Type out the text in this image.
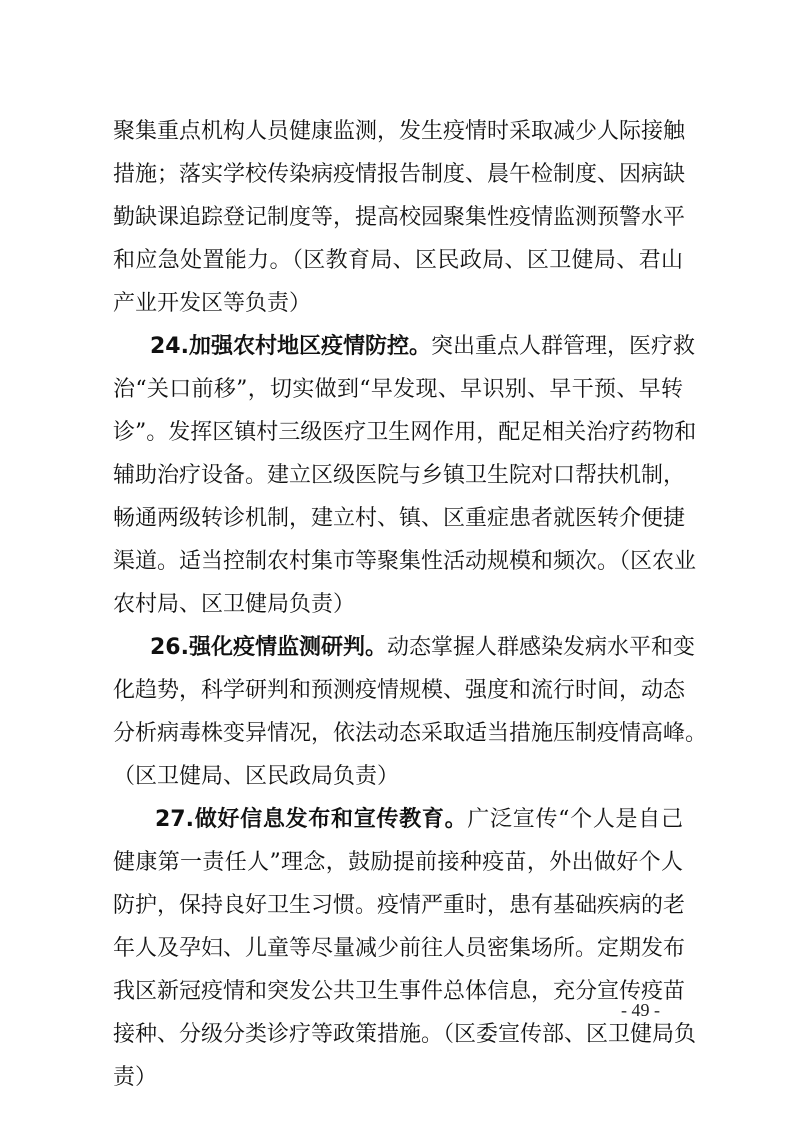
聚集重点机构人员健康监测，发生疫情时采取减少人际接触
措施；落实学校传染病疫情报告制度、晨午检制度、因病缺
勤缺课追踪登记制度等，提高校园聚集性疫情监测预警水平
和应急处置能力。（区教育局、区民政局、区卫健局、君山
产业开发区等负责）
24.加强农村地区疫情防控。突出重点人群管理，医疗救
治“关口前移”，切实做到“早发现、早识别、早干预、早转
诊”。发挥区镇村三级医疗卫生网作用，配足相关治疗药物和
辅助治疗设备。建立区级医院与乡镇卫生院对口帮扶机制，
畅通两级转诊机制，建立村、镇、区重症患者就医转介便捷
渠道。适当控制农村集市等聚集性活动规模和频次。（区农业
农村局、区卫健局负责）
26.强化疫情监测研判。动态掌握人群感染发病水平和变
化趋势，科学研判和预测疫情规模、强度和流行时间，动态
分析病毒株变异情况，依法动态采取适当措施压制疫情高峰。
（区卫健局、区民政局负责）
27.做好信息发布和宣传教育。广泛宣传“个人是自己
健康第一责任人”理念，鼓励提前接种疫苗，外出做好个人
防护，保持良好卫生习惯。疫情严重时，患有基础疾病的老
年人及孕妇、儿童等尽量减少前往人员密集场所。定期发布
我区新冠疫情和突发公共卫生事件总体信息，充分宣传疫苗
接种、分级分类诊疗等政策措施。（区委宣传部、区卫健局负
责）
- 49 -
